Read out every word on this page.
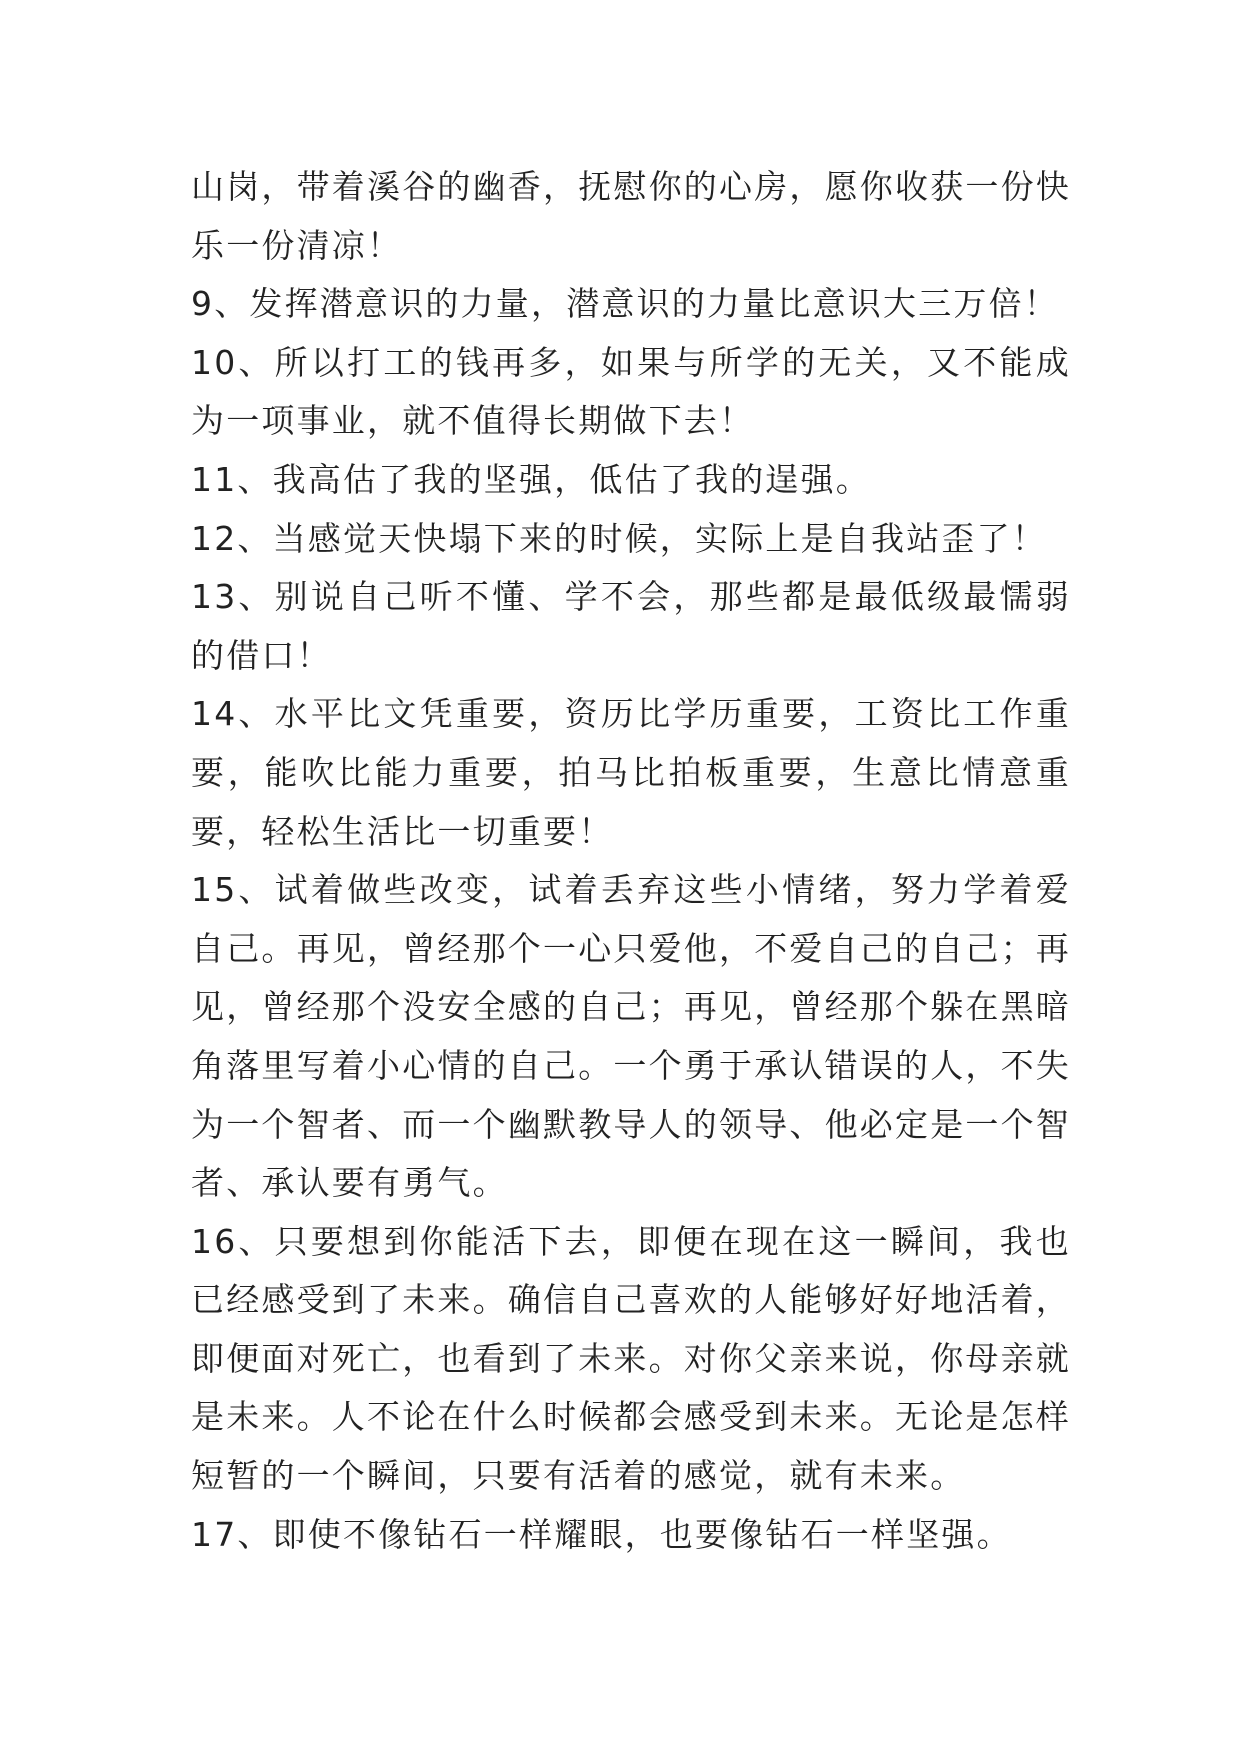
山岗，带着溪谷的幽香，抚慰你的心房，愿你收获一份快乐一份清凉！

9、发挥潜意识的力量，潜意识的力量比意识大三万倍！

10、所以打工的钱再多，如果与所学的无关，又不能成为一项事业，就不值得长期做下去！

11、我高估了我的坚强，低估了我的逞强。

12、当感觉天快塌下来的时候，实际上是自我站歪了！

13、别说自己听不懂、学不会，那些都是最低级最懦弱的借口！

14、水平比文凭重要，资历比学历重要，工资比工作重要，能吹比能力重要，拍马比拍板重要，生意比情意重要，轻松生活比一切重要！

15、试着做些改变，试着丢弃这些小情绪，努力学着爱自己。再见，曾经那个一心只爱他，不爱自己的自己；再见，曾经那个没安全感的自己；再见，曾经那个躲在黑暗角落里写着小心情的自己。一个勇于承认错误的人，不失为一个智者、而一个幽默教导人的领导、他必定是一个智者、承认要有勇气。

16、只要想到你能活下去，即便在现在这一瞬间，我也已经感受到了未来。确信自己喜欢的人能够好好地活着，即便面对死亡，也看到了未来。对你父亲来说，你母亲就是未来。人不论在什么时候都会感受到未来。无论是怎样短暂的一个瞬间，只要有活着的感觉，就有未来。

17、即使不像钻石一样耀眼，也要像钻石一样坚强。
